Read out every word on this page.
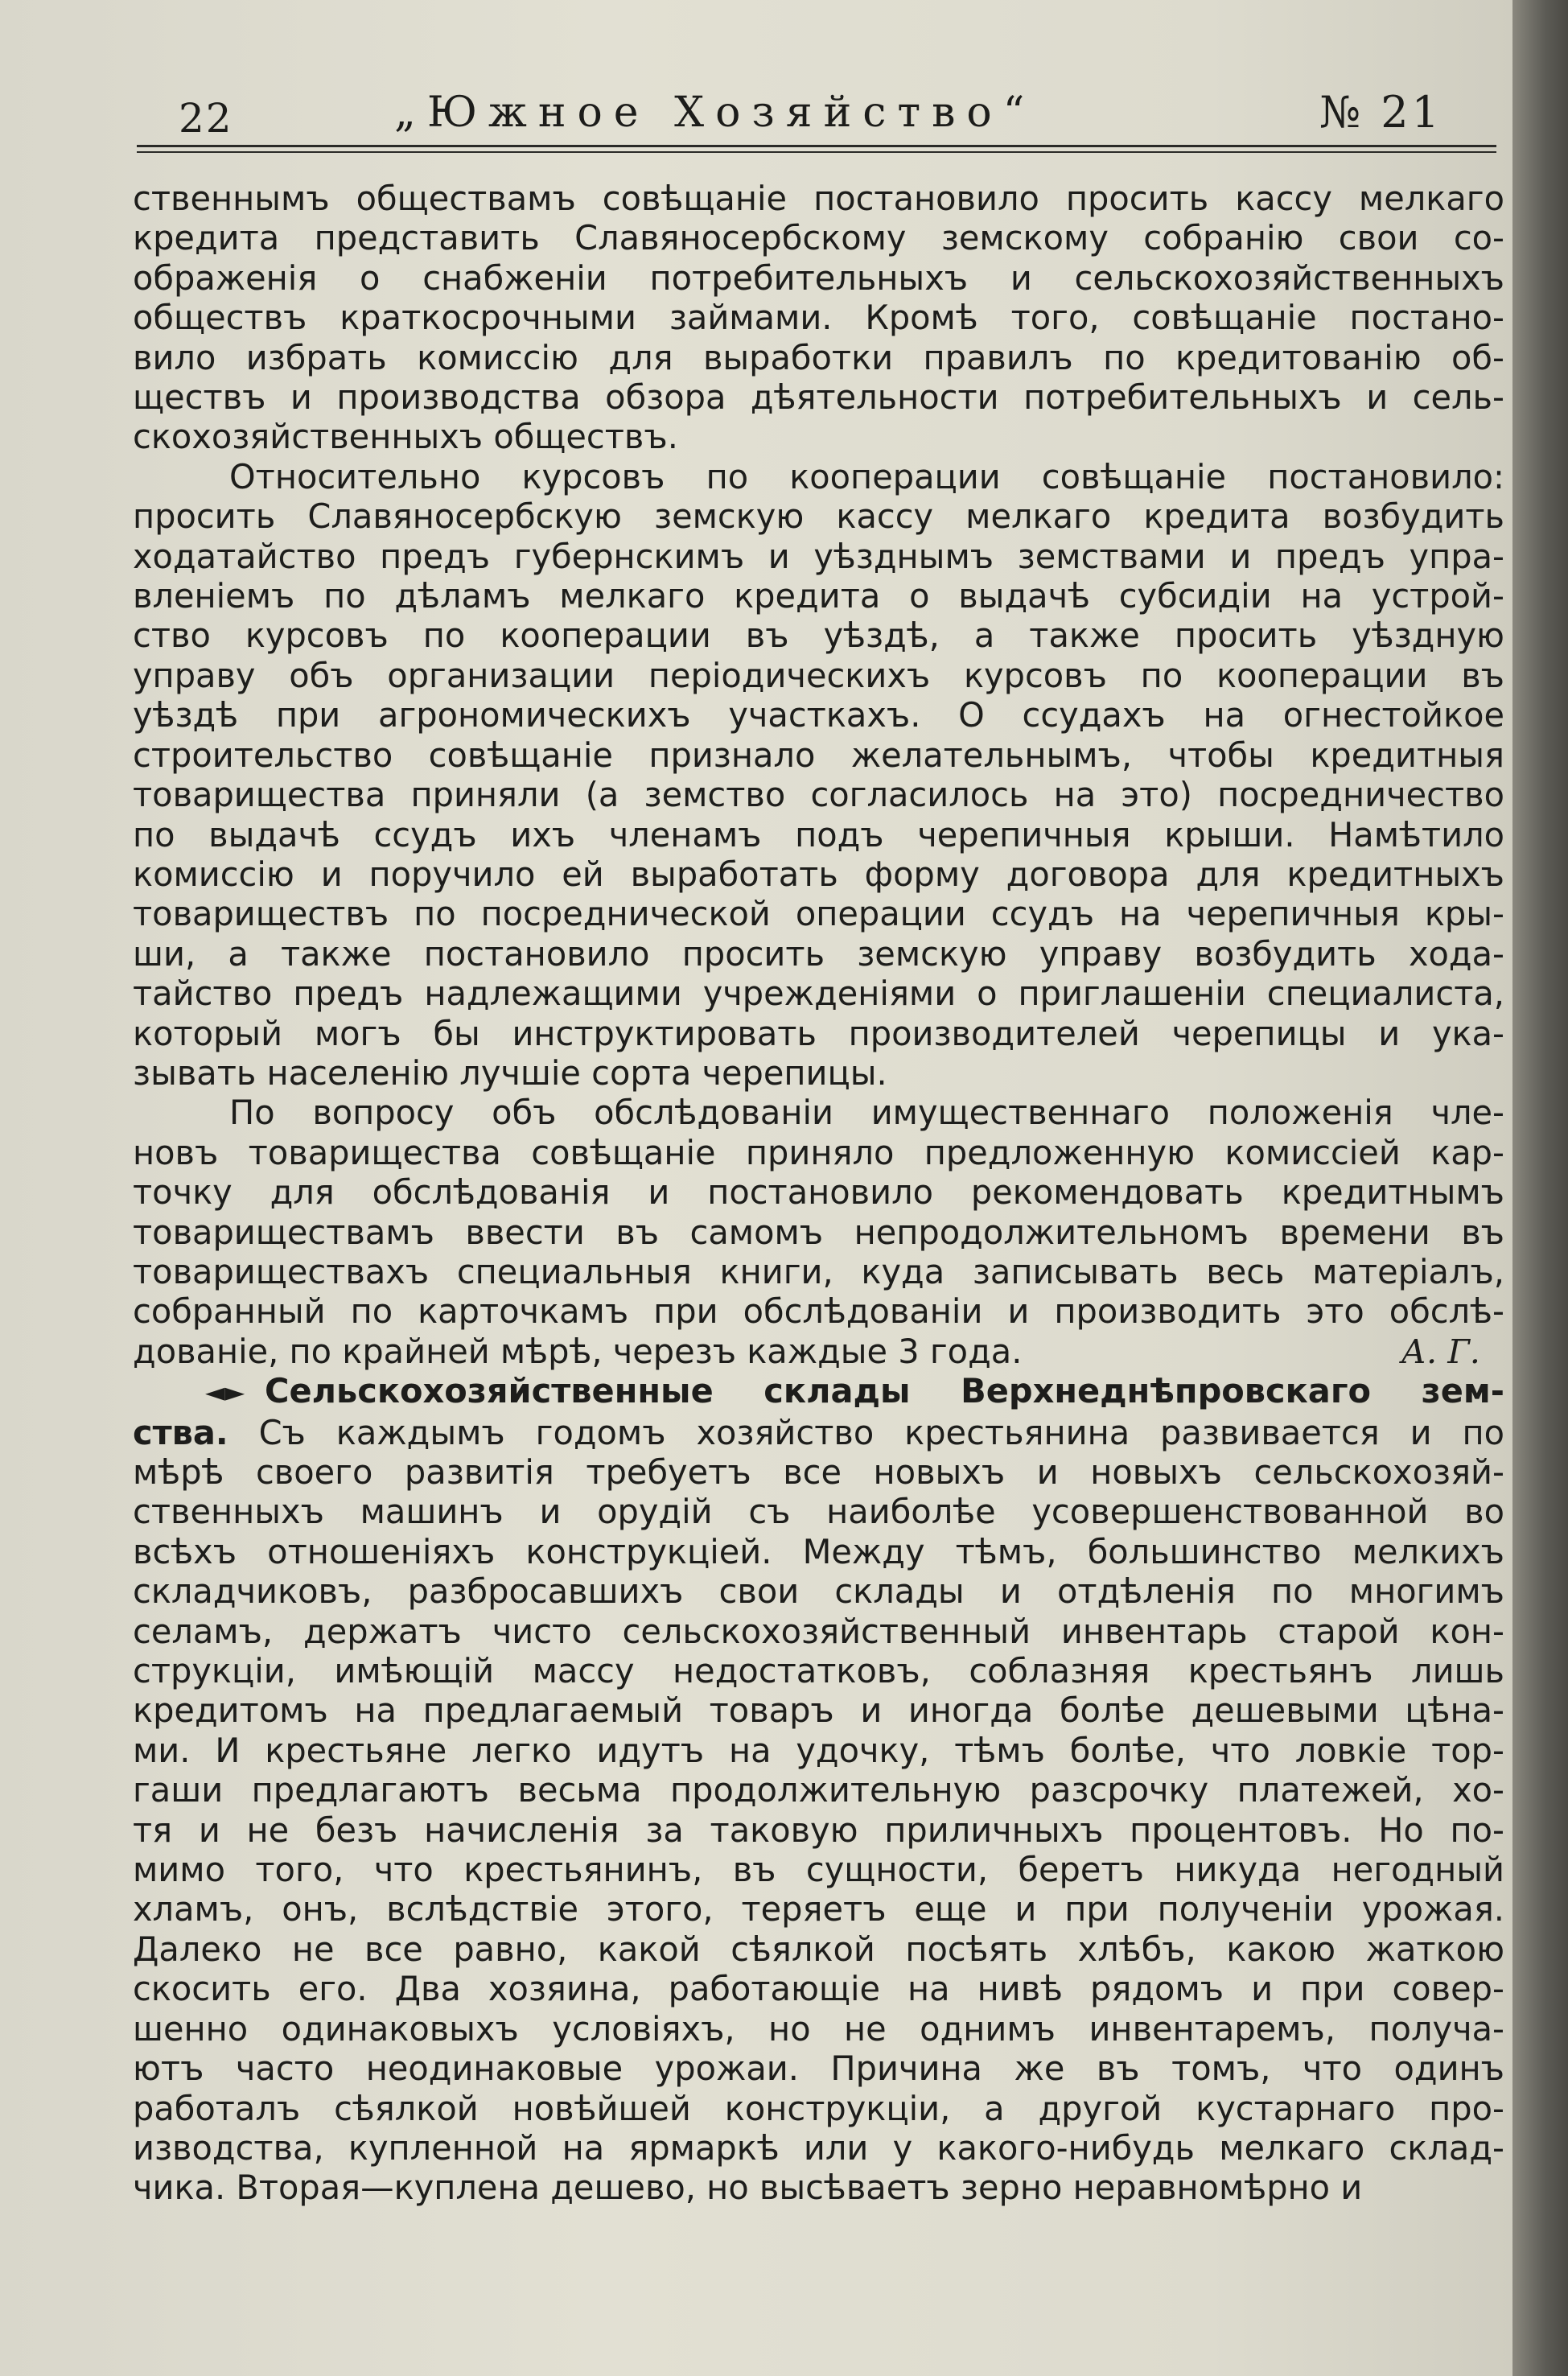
22	„Южное Хозяйство“	№ 21
ственнымъ обществамъ совѣщаніе постановило просить кассу мелкаго
кредита представить Славяносербскому земскому собранію свои со-
ображенія о снабженіи потребительныхъ и сельскохозяйственныхъ
обществъ краткосрочными займами. Кромѣ того, совѣщаніе постано-
вило избрать комиссію для выработки правилъ по кредитованію об-
ществъ и производства обзора дѣятельности потребительныхъ и сель-
скохозяйственныхъ обществъ.
Относительно курсовъ по кооперации совѣщаніе постановило:
просить Славяносербскую земскую кассу мелкаго кредита возбудить
ходатайство предъ губернскимъ и уѣзднымъ земствами и предъ упра-
вленіемъ по дѣламъ мелкаго кредита о выдачѣ субсидіи на устрой-
ство курсовъ по кооперации въ уѣздѣ, а также просить уѣздную
управу объ организации періодическихъ курсовъ по кооперации въ
уѣздѣ при агрономическихъ участкахъ. О ссудахъ на огнестойкое
строительство совѣщаніе признало желательнымъ, чтобы кредитныя
товарищества приняли (а земство согласилось на это) посредничество
по выдачѣ ссудъ ихъ членамъ подъ черепичныя крыши. Намѣтило
комиссію и поручило ей выработать форму договора для кредитныхъ
товариществъ по посреднической операции ссудъ на черепичныя кры-
ши, а также постановило просить земскую управу возбудить хода-
тайство предъ надлежащими учрежденіями о приглашеніи специалиста,
который могъ бы инструктировать производителей черепицы и ука-
зывать населенію лучшіе сорта черепицы.
По вопросу объ обслѣдованіи имущественнаго положенія чле-
новъ товарищества совѣщаніе приняло предложенную комиссіей кар-
точку для обслѣдованія и постановило рекомендовать кредитнымъ
товариществамъ ввести въ самомъ непродолжительномъ времени въ
товариществахъ специальныя книги, куда записывать весь матеріалъ,
собранный по карточкамъ при обслѣдованіи и производить это обслѣ-
дованіе, по крайней мѣрѣ, черезъ каждые 3 года.	А. Г.
◄► Сельскохозяйственные склады Верхнеднѣпровскаго зем-
ства. Съ каждымъ годомъ хозяйство крестьянина развивается и по
мѣрѣ своего развитія требуетъ все новыхъ и новыхъ сельскохозяй-
ственныхъ машинъ и орудій съ наиболѣе усовершенствованной во
всѣхъ отношеніяхъ конструкціей. Между тѣмъ, большинство мелкихъ
складчиковъ, разбросавшихъ свои склады и отдѣленія по многимъ
селамъ, держатъ чисто сельскохозяйственный инвентарь старой кон-
струкціи, имѣющій массу недостатковъ, соблазняя крестьянъ лишь
кредитомъ на предлагаемый товаръ и иногда болѣе дешевыми цѣна-
ми. И крестьяне легко идутъ на удочку, тѣмъ болѣе, что ловкіе тор-
гаши предлагаютъ весьма продолжительную разсрочку платежей, хо-
тя и не безъ начисленія за таковую приличныхъ процентовъ. Но по-
мимо того, что крестьянинъ, въ сущности, беретъ никуда негодный
хламъ, онъ, вслѣдствіе этого, теряетъ еще и при полученіи урожая.
Далеко не все равно, какой сѣялкой посѣять хлѣбъ, какою жаткою
скосить его. Два хозяина, работающіе на нивѣ рядомъ и при совер-
шенно одинаковыхъ условіяхъ, но не однимъ инвентаремъ, получа-
ютъ часто неодинаковые урожаи. Причина же въ томъ, что одинъ
работалъ сѣялкой новѣйшей конструкціи, а другой кустарнаго про-
изводства, купленной на ярмаркѣ или у какого-нибудь мелкаго склад-
чика. Вторая—куплена дешево, но высѣваетъ зерно неравномѣрно и
